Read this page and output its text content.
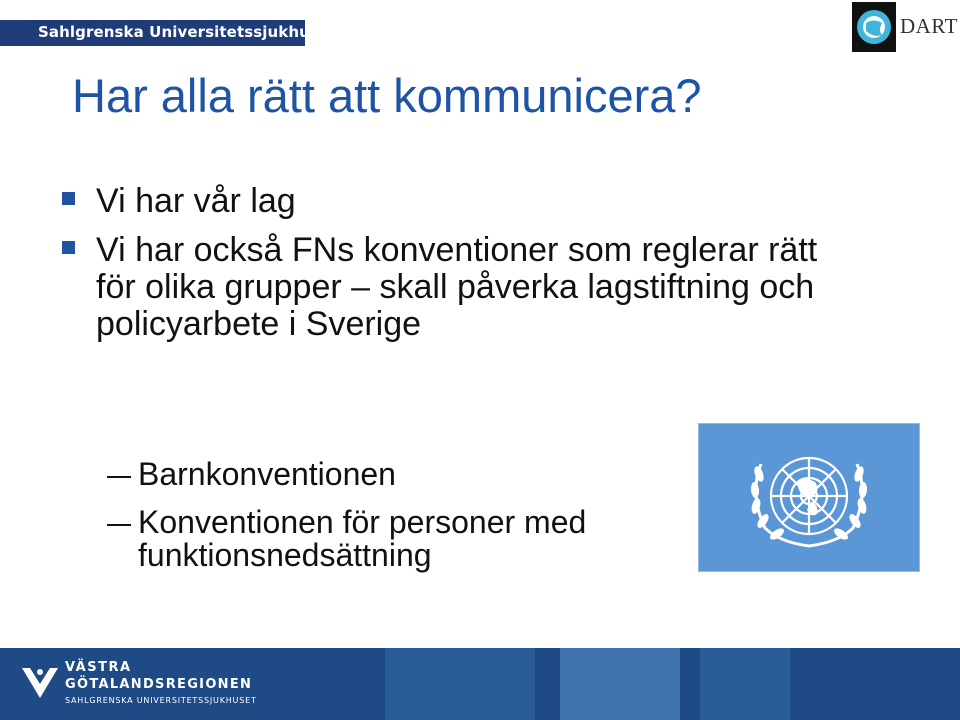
Sahlgrenska Universitetssjukhuset	DART
Har alla rätt att kommunicera?
Vi har vår lag
Vi har också FNs konventioner som reglerar rätt för olika grupper – skall påverka lagstiftning och policyarbete i Sverige
Barnkonventionen
Konventionen för personer med funktionsnedsättning
VÄSTRA
GÖTALANDSREGIONEN
SAHLGRENSKA UNIVERSITETSSJUKHUSET
